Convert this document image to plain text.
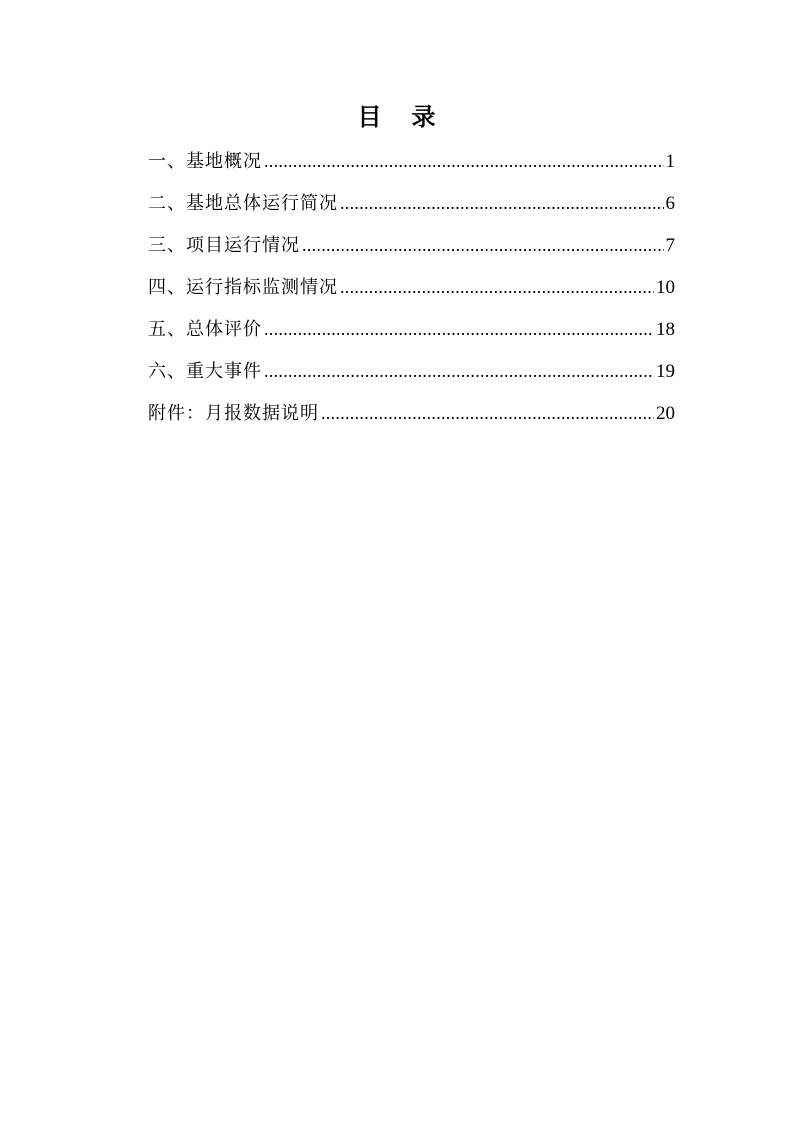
目 录
一、基地概况 .....	1
二、基地总体运行简况 .....	6
三、项目运行情况 .....	7
四、运行指标监测情况 .....	10
五、总体评价 .....	18
六、重大事件 .....	19
附件：月报数据说明 .....	20
